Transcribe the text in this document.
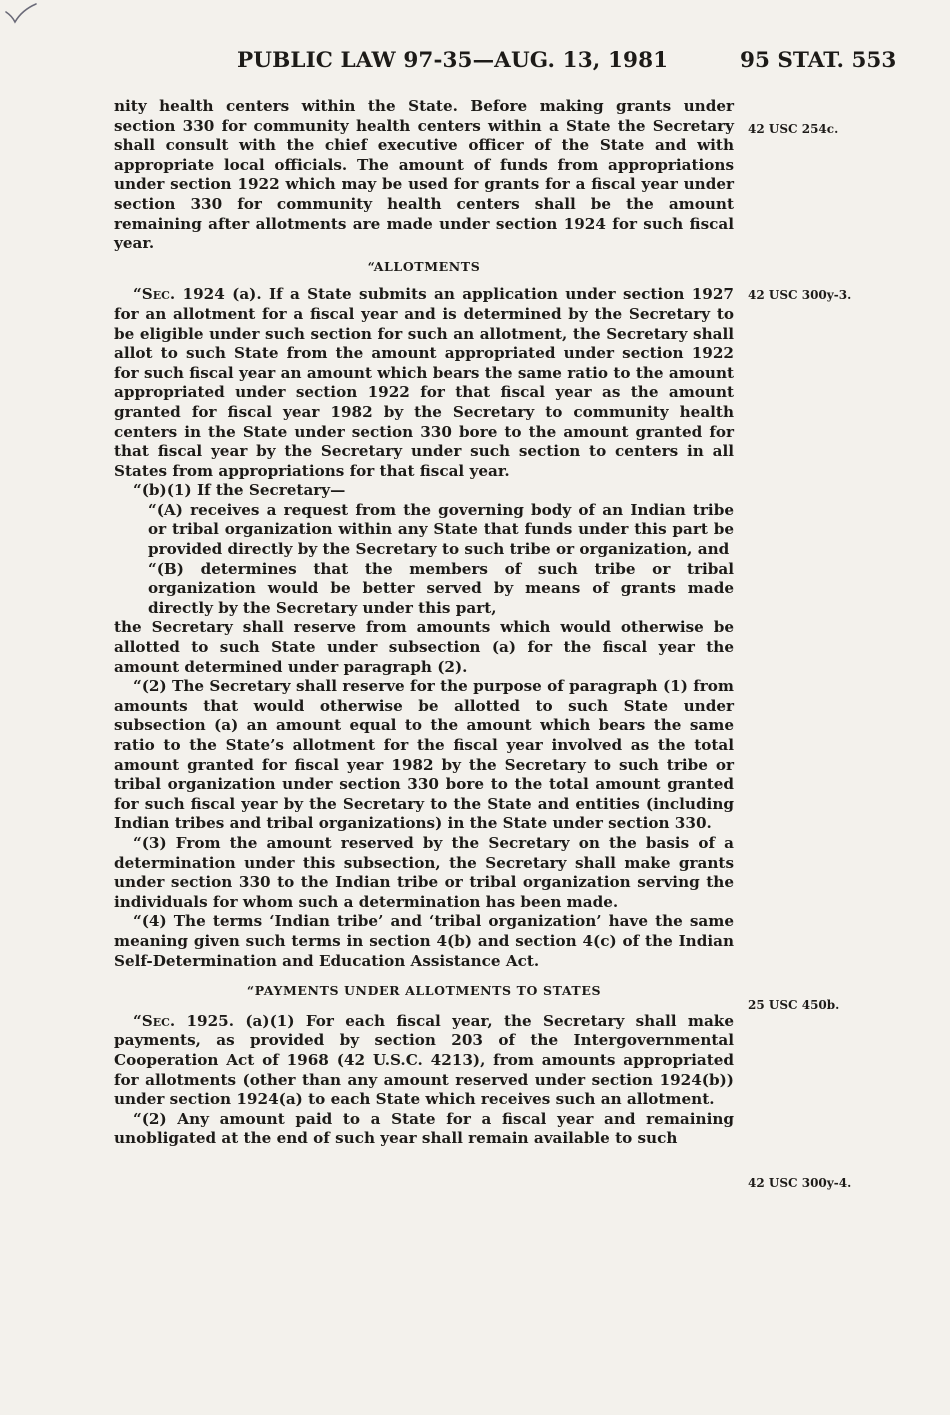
PUBLIC LAW 97-35—AUG. 13, 1981	95 STAT. 553

nity health centers within the State. Before making grants under section 330 for community health centers within a State the Secretary shall consult with the chief executive officer of the State and with appropriate local officials. The amount of funds from appropriations under section 1922 which may be used for grants for a fiscal year under section 330 for community health centers shall be the amount remaining after allotments are made under section 1924 for such fiscal year.

“ALLOTMENTS

“Sec. 1924 (a). If a State submits an application under section 1927 for an allotment for a fiscal year and is determined by the Secretary to be eligible under such section for such an allotment, the Secretary shall allot to such State from the amount appropriated under section 1922 for such fiscal year an amount which bears the same ratio to the amount appropriated under section 1922 for that fiscal year as the amount granted for fiscal year 1982 by the Secretary to community health centers in the State under section 330 bore to the amount granted for that fiscal year by the Secretary under such section to centers in all States from appropriations for that fiscal year.

“(b)(1) If the Secretary—

“(A) receives a request from the governing body of an Indian tribe or tribal organization within any State that funds under this part be provided directly by the Secretary to such tribe or organization, and

“(B) determines that the members of such tribe or tribal organization would be better served by means of grants made directly by the Secretary under this part,

the Secretary shall reserve from amounts which would otherwise be allotted to such State under subsection (a) for the fiscal year the amount determined under paragraph (2).

“(2) The Secretary shall reserve for the purpose of paragraph (1) from amounts that would otherwise be allotted to such State under subsection (a) an amount equal to the amount which bears the same ratio to the State’s allotment for the fiscal year involved as the total amount granted for fiscal year 1982 by the Secretary to such tribe or tribal organization under section 330 bore to the total amount granted for such fiscal year by the Secretary to the State and entities (including Indian tribes and tribal organizations) in the State under section 330.

“(3) From the amount reserved by the Secretary on the basis of a determination under this subsection, the Secretary shall make grants under section 330 to the Indian tribe or tribal organization serving the individuals for whom such a determination has been made.

“(4) The terms ‘Indian tribe’ and ‘tribal organization’ have the same meaning given such terms in section 4(b) and section 4(c) of the Indian Self-Determination and Education Assistance Act.

“PAYMENTS UNDER ALLOTMENTS TO STATES

“Sec. 1925. (a)(1) For each fiscal year, the Secretary shall make payments, as provided by section 203 of the Intergovernmental Cooperation Act of 1968 (42 U.S.C. 4213), from amounts appropriated for allotments (other than any amount reserved under section 1924(b)) under section 1924(a) to each State which receives such an allotment.

“(2) Any amount paid to a State for a fiscal year and remaining unobligated at the end of such year shall remain available to such

42 USC 254c.
42 USC 300y-3.
25 USC 450b.
42 USC 300y-4.
